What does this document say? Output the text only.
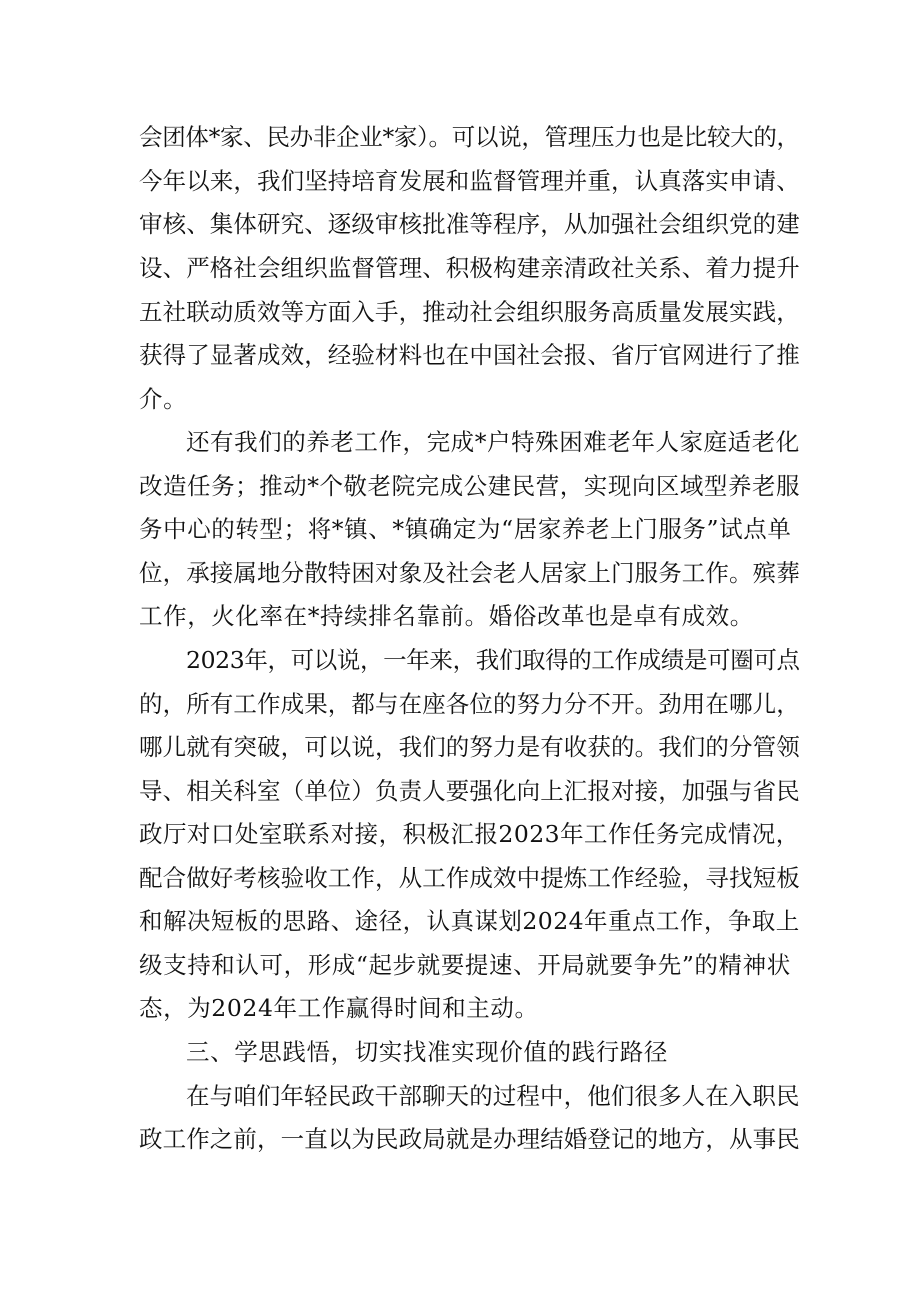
会团体*家、民办非企业*家）。可以说，管理压力也是比较大的，
今年以来，我们坚持培育发展和监督管理并重，认真落实申请、
审核、集体研究、逐级审核批准等程序，从加强社会组织党的建
设、严格社会组织监督管理、积极构建亲清政社关系、着力提升
五社联动质效等方面入手，推动社会组织服务高质量发展实践，
获得了显著成效，经验材料也在中国社会报、省厅官网进行了推
介。
还有我们的养老工作，完成*户特殊困难老年人家庭适老化
改造任务；推动*个敬老院完成公建民营，实现向区域型养老服
务中心的转型；将*镇、*镇确定为“居家养老上门服务”试点单
位，承接属地分散特困对象及社会老人居家上门服务工作。殡葬
工作，火化率在*持续排名靠前。婚俗改革也是卓有成效。
2023年，可以说，一年来，我们取得的工作成绩是可圈可点
的，所有工作成果，都与在座各位的努力分不开。劲用在哪儿，
哪儿就有突破，可以说，我们的努力是有收获的。我们的分管领
导、相关科室（单位）负责人要强化向上汇报对接，加强与省民
政厅对口处室联系对接，积极汇报2023年工作任务完成情况，
配合做好考核验收工作，从工作成效中提炼工作经验，寻找短板
和解决短板的思路、途径，认真谋划2024年重点工作，争取上
级支持和认可，形成“起步就要提速、开局就要争先”的精神状
态，为2024年工作赢得时间和主动。
三、学思践悟，切实找准实现价值的践行路径
在与咱们年轻民政干部聊天的过程中，他们很多人在入职民
政工作之前，一直以为民政局就是办理结婚登记的地方，从事民
